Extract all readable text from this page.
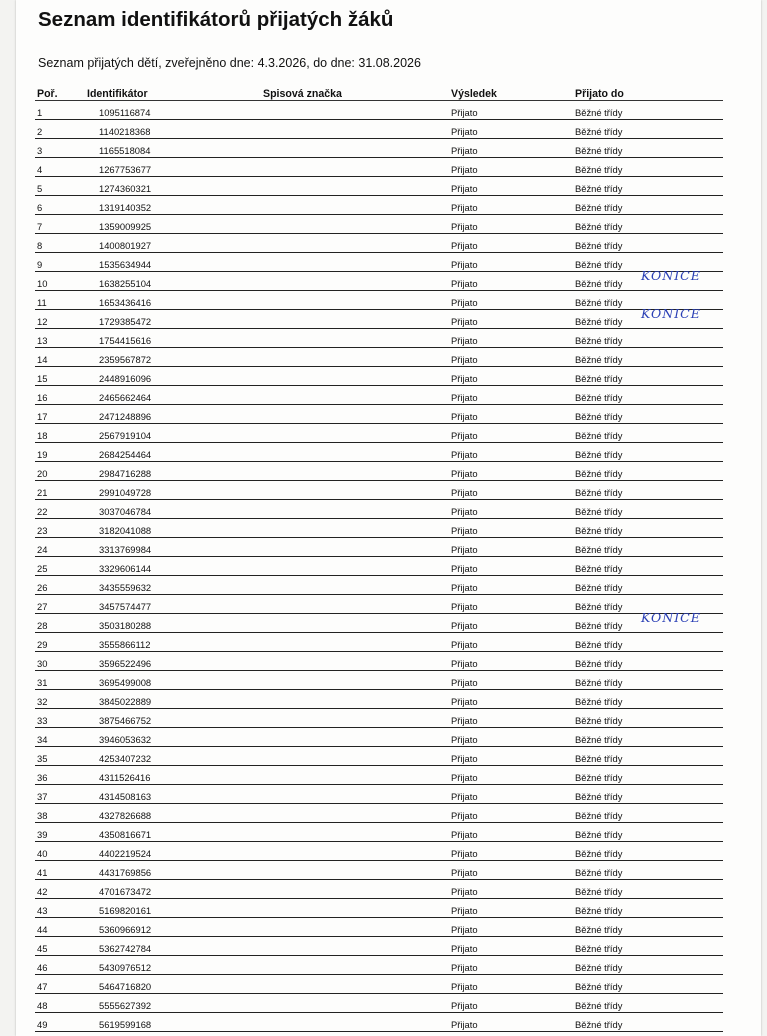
Seznam identifikátorů přijatých žáků
Seznam přijatých dětí, zveřejněno dne: 4.3.2026, do dne: 31.08.2026
Poř.	Identifikátor	Spisová značka	Výsledek	Přijato do
1	1095116874		Přijato	Běžné třídy
2	1140218368		Přijato	Běžné třídy
3	1165518084		Přijato	Běžné třídy
4	1267753677		Přijato	Běžné třídy
5	1274360321		Přijato	Běžné třídy
6	1319140352		Přijato	Běžné třídy
7	1359009925		Přijato	Běžné třídy
8	1400801927		Přijato	Běžné třídy
9	1535634944		Přijato	Běžné třídy
10	1638255104		Přijato	Běžné třídy
KONICE

11	1653436416		Přijato	Běžné třídy
12	1729385472		Přijato	Běžné třídy
KONICE

13	1754415616		Přijato	Běžné třídy
14	2359567872		Přijato	Běžné třídy
15	2448916096		Přijato	Běžné třídy
16	2465662464		Přijato	Běžné třídy
17	2471248896		Přijato	Běžné třídy
18	2567919104		Přijato	Běžné třídy
19	2684254464		Přijato	Běžné třídy
20	2984716288		Přijato	Běžné třídy
21	2991049728		Přijato	Běžné třídy
22	3037046784		Přijato	Běžné třídy
23	3182041088		Přijato	Běžné třídy
24	3313769984		Přijato	Běžné třídy
25	3329606144		Přijato	Běžné třídy
26	3435559632		Přijato	Běžné třídy
27	3457574477		Přijato	Běžné třídy
28	3503180288		Přijato	Běžné třídy
KONICE

29	3555866112		Přijato	Běžné třídy
30	3596522496		Přijato	Běžné třídy
31	3695499008		Přijato	Běžné třídy
32	3845022889		Přijato	Běžné třídy
33	3875466752		Přijato	Běžné třídy
34	3946053632		Přijato	Běžné třídy
35	4253407232		Přijato	Běžné třídy
36	4311526416		Přijato	Běžné třídy
37	4314508163		Přijato	Běžné třídy
38	4327826688		Přijato	Běžné třídy
39	4350816671		Přijato	Běžné třídy
40	4402219524		Přijato	Běžné třídy
41	4431769856		Přijato	Běžné třídy
42	4701673472		Přijato	Běžné třídy
43	5169820161		Přijato	Běžné třídy
44	5360966912		Přijato	Běžné třídy
45	5362742784		Přijato	Běžné třídy
46	5430976512		Přijato	Běžné třídy
47	5464716820		Přijato	Běžné třídy
48	5555627392		Přijato	Běžné třídy
49	5619599168		Přijato	Běžné třídy
